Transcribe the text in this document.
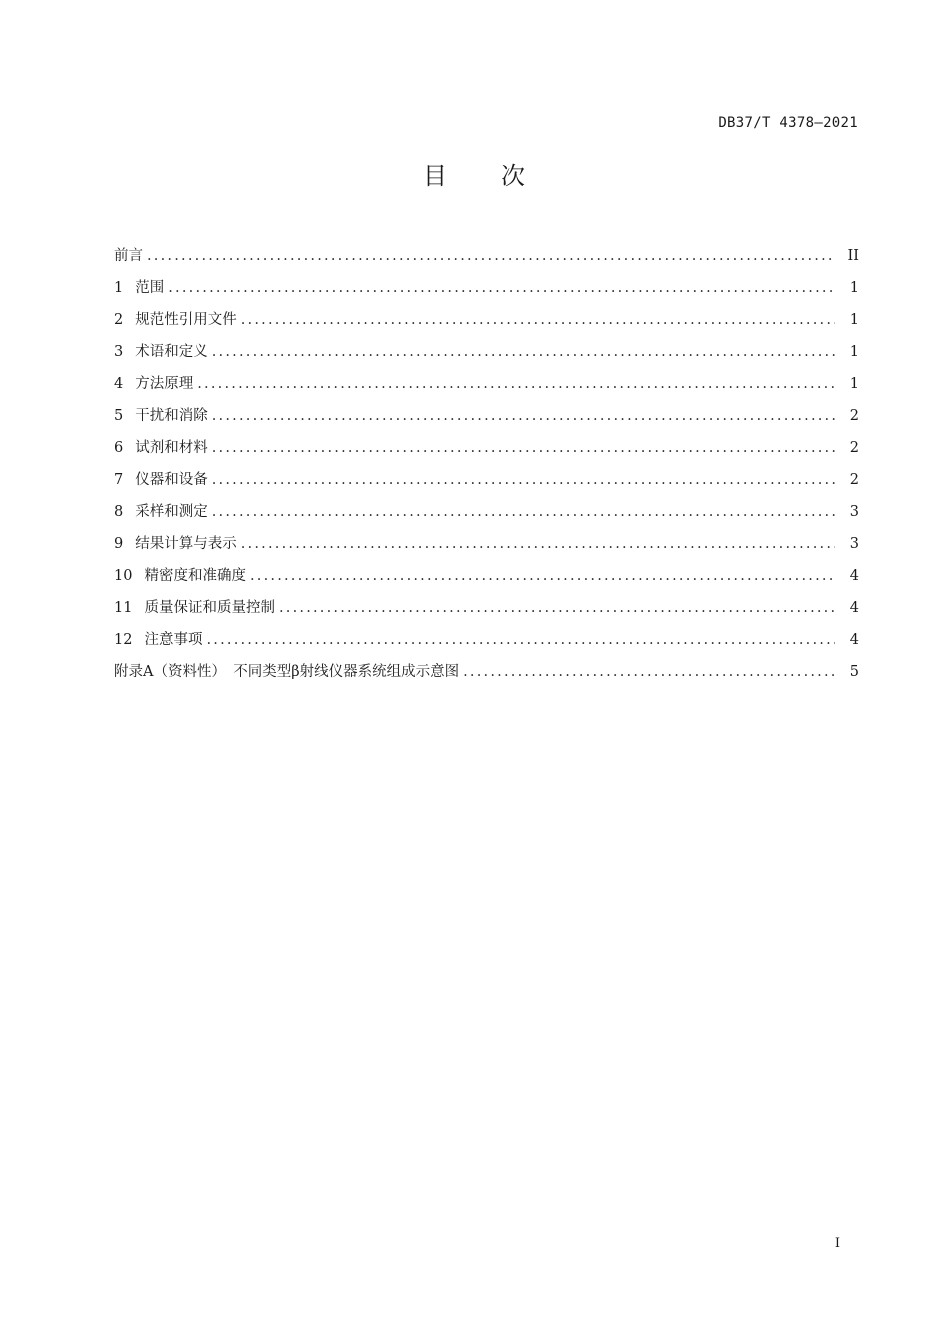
DB37/T 4378—2021
目　　次
前言 .....	II
1 范围 .....	1
2 规范性引用文件 .....	1
3 术语和定义 .....	1
4 方法原理 .....	1
5 干扰和消除 .....	2
6 试剂和材料 .....	2
7 仪器和设备 .....	2
8 采样和测定 .....	3
9 结果计算与表示 .....	3
10 精密度和准确度 .....	4
11 质量保证和质量控制 .....	4
12 注意事项 .....	4
附录A（资料性）　不同类型β射线仪器系统组成示意图 .....	5
I
